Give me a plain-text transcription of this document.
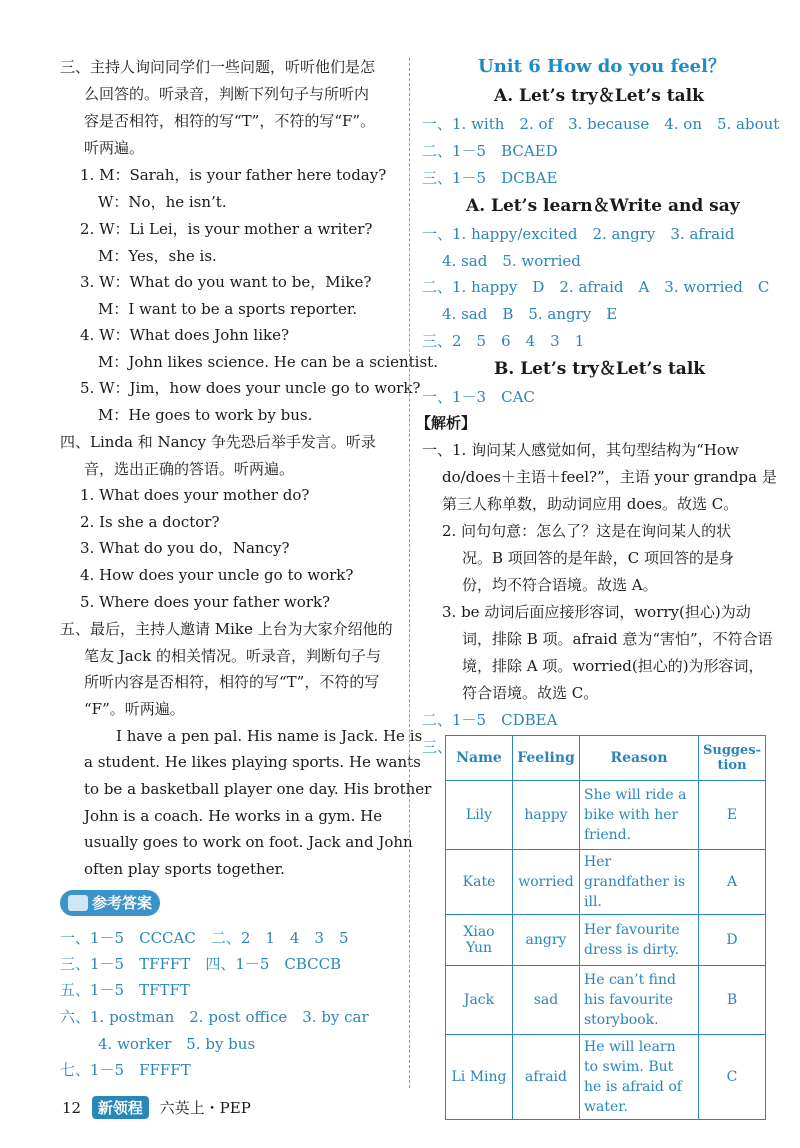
三、主持人询问同学们一些问题，听听他们是怎
么回答的。听录音，判断下列句子与所听内
容是否相符，相符的写“T”，不符的写“F”。
听两遍。
1. M：Sarah，is your father here today?
W：No，he isn’t.
2. W：Li Lei，is your mother a writer?
M：Yes，she is.
3. W：What do you want to be，Mike?
M：I want to be a sports reporter.
4. W：What does John like?
M：John likes science. He can be a scientist.
5. W：Jim，how does your uncle go to work?
M：He goes to work by bus.
四、Linda 和 Nancy 争先恐后举手发言。听录
音，选出正确的答语。听两遍。
1. What does your mother do?
2. Is she a doctor?
3. What do you do，Nancy?
4. How does your uncle go to work?
5. Where does your father work?
五、最后，主持人邀请 Mike 上台为大家介绍他的
笔友 Jack 的相关情况。听录音，判断句子与
所听内容是否相符，相符的写“T”，不符的写
“F”。听两遍。
I have a pen pal. His name is Jack. He is
a student. He likes playing sports. He wants
to be a basketball player one day. His brother
John is a coach. He works in a gym. He
usually goes to work on foot. Jack and John
often play sports together.
参考答案
一、1－5　CCCAC　二、2　1　4　3　5
三、1－5　TFFFT　四、1－5　CBCCB
五、1－5　TFTFT
六、1. postman　2. post office　3. by car
4. worker　5. by bus
七、1－5　FFFFT
Unit 6 How do you feel？
A. Let’s try＆Let’s talk
一、1. with　2. of　3. because　4. on　5. about
二、1－5　BCAED
三、1－5　DCBAE
A. Let’s learn＆Write and say
一、1. happy/excited　2. angry　3. afraid
4. sad　5. worried
二、1. happy　D　2. afraid　A　3. worried　C
4. sad　B　5. angry　E
三、2　5　6　4　3　1
B. Let’s try＆Let’s talk
一、1－3　CAC
【解析】
一、1. 询问某人感觉如何，其句型结构为“How
do/does＋主语＋feel?”，主语 your grandpa 是
第三人称单数，助动词应用 does。故选 C。
2. 问句句意：怎么了？这是在询问某人的状
况。B 项回答的是年龄，C 项回答的是身
份，均不符合语境。故选 A。
3. be 动词后面应接形容词，worry(担心)为动
词，排除 B 项。afraid 意为“害怕”，不符合语
境，排除 A 项。worried(担心的)为形容词，
符合语境。故选 C。
二、1－5　CDBEA
三、
Name	Feeling	Reason	Sugges-tion
Lily	happy	She will ride a bike with her friend.	E
Kate	worried	Her grandfather is ill.	A
Xiao Yun	angry	Her favourite dress is dirty.	D
Jack	sad	He can’t find his favourite storybook.	B
Li Ming	afraid	He will learn to swim. But he is afraid of water.	C
12 新领程 六英上・PEP
